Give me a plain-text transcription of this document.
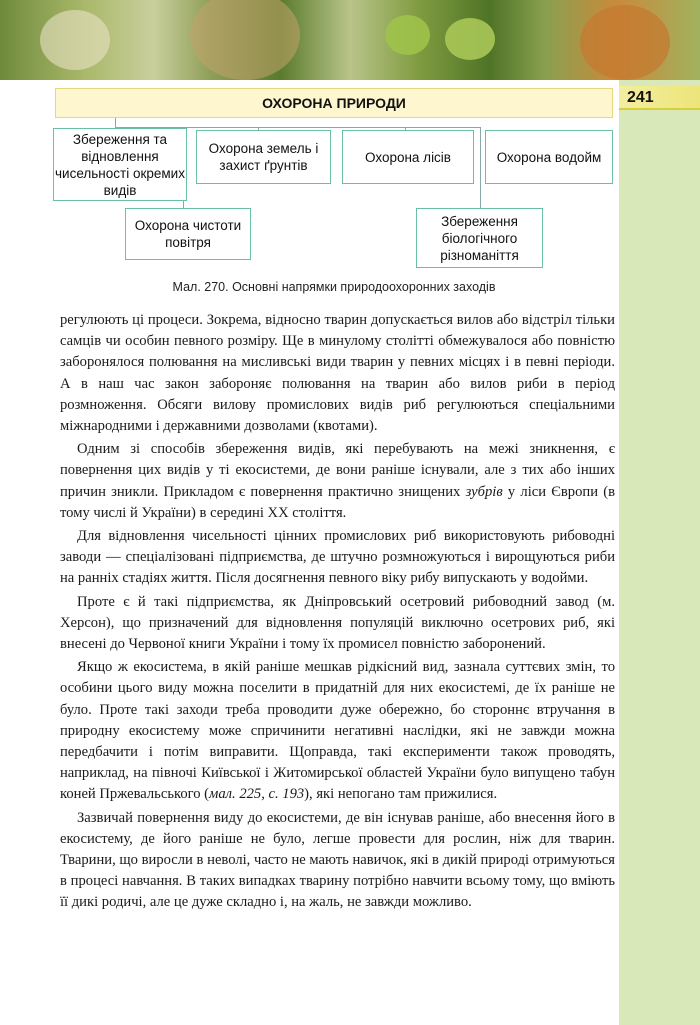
241
ОХОРОНА ПРИРОДИ
Збереження та відновлення чисельності окремих видів
Охорона чистоти повітря
Охорона земель і захист ґрунтів
Охорона лісів
Збереження біологічного різноманіття
Охорона водойм
Мал. 270. Основні напрямки природоохоронних заходів

регулюють ці процеси. Зокрема, відносно тварин допускається вилов або відстріл тільки самців чи особин певного розміру. Ще в минулому столітті обмежувалося або повністю заборонялося полювання на мисливські види тварин у певних місцях і в певні періоди. А в наш час закон забороняє полювання на тварин або вилов риби в період розмноження. Обсяги вилову промислових видів риб регулюються спеціальними міжнародними і державними дозволами (квотами).

Одним зі способів збереження видів, які перебувають на межі зникнення, є повернення цих видів у ті екосистеми, де вони раніше існували, але з тих або інших причин зникли. Прикладом є повернення практично знищених зубрів у ліси Європи (в тому числі й України) в середині XX століття.

Для відновлення чисельності цінних промислових риб використовують рибоводні заводи — спеціалізовані підприємства, де штучно розмножуються і вирощуються риби на ранніх стадіях життя. Після досягнення певного віку рибу випускають у водойми.

Проте є й такі підприємства, як Дніпровський осетровий рибоводний завод (м. Херсон), що призначений для відновлення популяцій виключно осетрових риб, які внесені до Червоної книги України і тому їх промисел повністю заборонений.

Якщо ж екосистема, в якій раніше мешкав рідкісний вид, зазнала суттєвих змін, то особини цього виду можна поселити в придатній для них екосистемі, де їх раніше не було. Проте такі заходи треба проводити дуже обережно, бо стороннє втручання в природну екосистему може спричинити негативні наслідки, які не завжди можна передбачити і потім виправити. Щоправда, такі експерименти також проводять, наприклад, на півночі Київської і Житомирської областей України було випущено табун коней Пржевальського (мал. 225, с. 193), які непогано там прижилися.

Зазвичай повернення виду до екосистеми, де він існував раніше, або внесення його в екосистему, де його раніше не було, легше провести для рослин, ніж для тварин. Тварини, що виросли в неволі, часто не мають навичок, які в дикій природі отримуються в процесі навчання. В таких випадках тварину потрібно навчити всьому тому, що вміють її дикі родичі, але це дуже складно і, на жаль, не завжди можливо.
